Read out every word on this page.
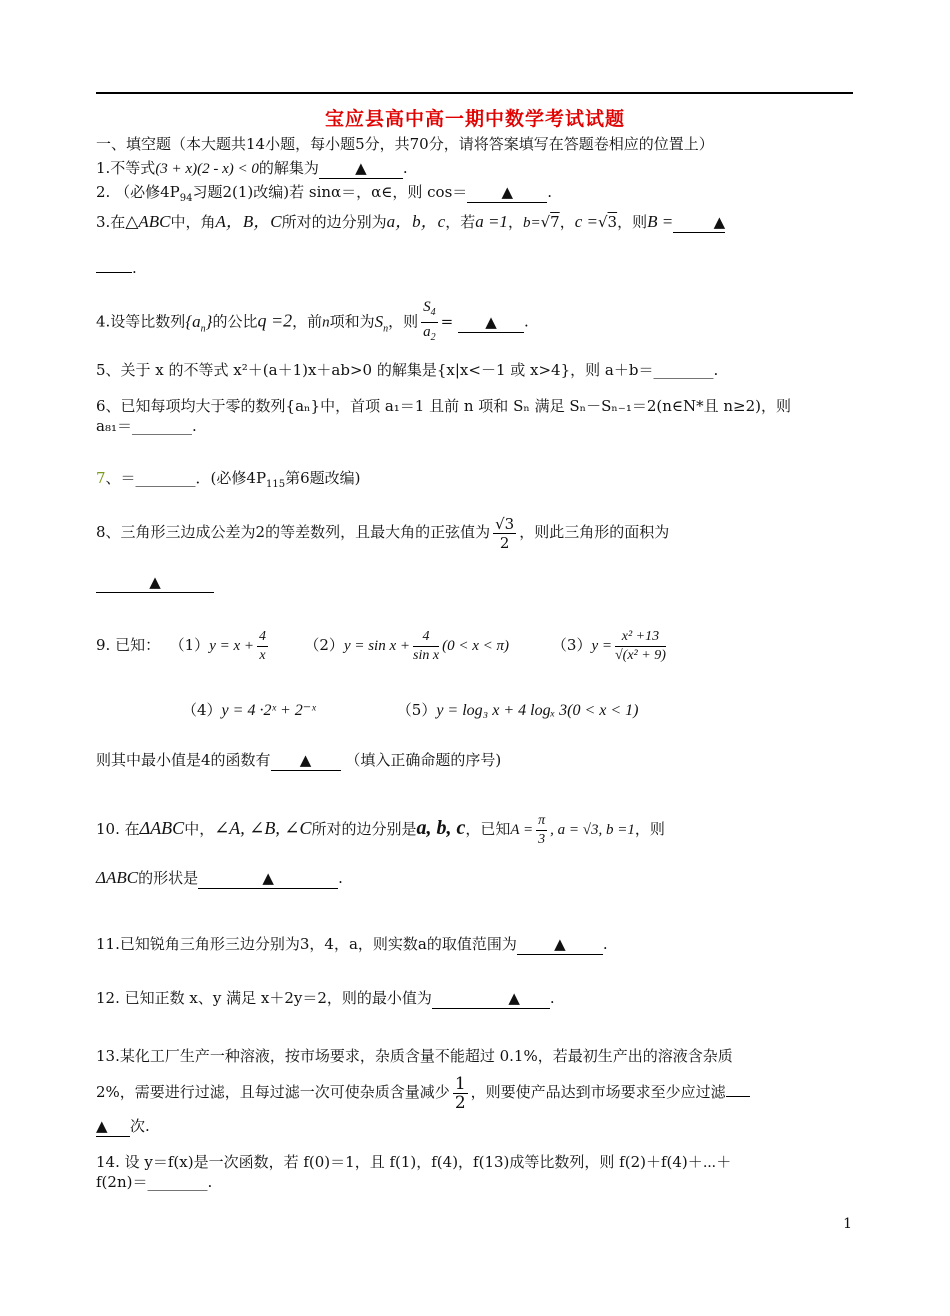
宝应县高中高一期中数学考试试题
一、填空题（本大题共14小题，每小题5分，共70分，请将答案填写在答题卷相应的位置上）
1.不等式(3 + x)(2 - x) < 0的解集为 ▲ .
2. （必修$4P_{94}$习题2(1)改编)若 sinα＝，α∈，则 cos＝ ▲ .
3.在△ABC中，角A，B，C所对的边分别为a，b，c，若a =1，b=√7，c =√3，则B =	▲
.
4.设等比数列$\{a_n\}$的公比q =2，前n项和为$S_n$，则 $\frac{S_4}{a_2}$ = ▲ .
5、关于 x 的不等式 x²＋(a＋1)x＋ab>0 的解集是{x|x<－1 或 x>4}，则 a＋b＝________.
6、已知每项均大于零的数列{aₙ}中，首项 a₁＝1 且前 n 项和 Sₙ 满足 Sₙ－Sₙ₋₁＝2(n∈N*且 n≥2)，则
a₈₁＝________.
7、＝________．(必修$4P_{115}$第6题改编)
8、三角形三边成公差为2的等差数列，且最大角的正弦值为 $\frac{√3}{2}$ ，则此三角形的面积为
▲
9. 已知： $(1)y = x + \frac{4}{x} (2)y = \sin x + \frac{4}{\text{sin x}} (0 < x < \pi)$	$(3)y = \frac{\text{x² +13}}{\text{√(x² + 9)}}$
（4）y = 4 ·2ˣ + 2⁻ˣ	（5）y = log₃ x + 4 logₓ 3(0 < x < 1)
则其中最小值是4的函数有 ▲ （填入正确命题的序号)
10. 在ΔABC中，∠A, ∠B, ∠C所对的边分别是a, b, c，已知$A = \frac{\pi}{3}$ , a = √3, b =1，则
ΔABC的形状是	▲	.
11.已知锐角三角形三边分别为3，4，a，则实数a的取值范围为 ▲ .
12. 已知正数 x、y 满足 x＋2y＝2，则的最小值为	▲ .
13.某化工厂生产一种溶液，按市场要求，杂质含量不能超过 0.1%，若最初生产出的溶液含杂质
2%，需要进行过滤，且每过滤一次可使杂质含量减少 $\frac{1}{2}$ ，则要使产品达到市场要求至少应过滤
▲ 次.
14. 设 y＝f(x)是一次函数，若 f(0)＝1，且 f(1)，f(4)，f(13)成等比数列，则 f(2)＋f(4)＋⋯＋
f(2n)＝________.
1
